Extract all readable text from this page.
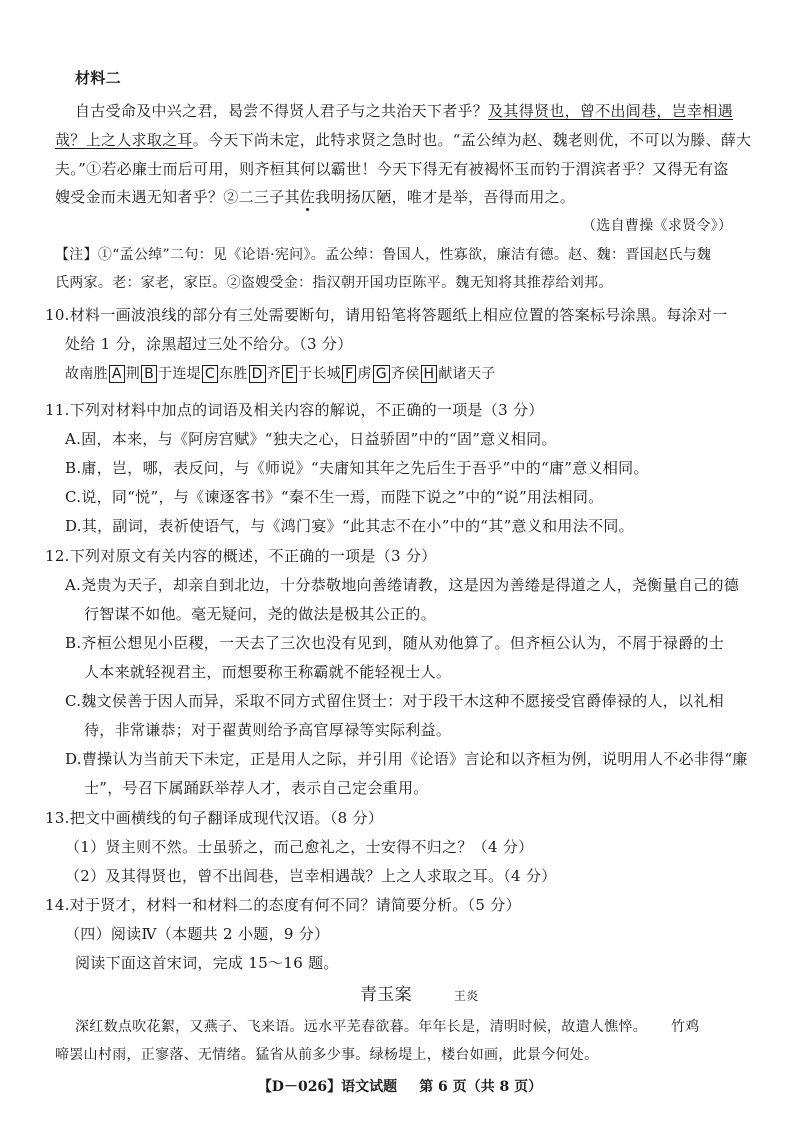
材料二
自古受命及中兴之君，曷尝不得贤人君子与之共治天下者乎？及其得贤也，曾不出闾巷，岂幸相遇
哉？上之人求取之耳。今天下尚未定，此特求贤之急时也。“孟公绰为赵、魏老则优，不可以为滕、薛大
夫。”①若必廉士而后可用，则齐桓其何以霸世！今天下得无有被褐怀玉而钓于渭滨者乎？又得无有盗
嫂受金而未遇无知者乎？②二三子其佐我明扬仄陋，唯才是举，吾得而用之。
（选自曹操《求贤令》）
【注】①“孟公绰”二句：见《论语·宪问》。孟公绰：鲁国人，性寡欲，廉洁有德。赵、魏：晋国赵氏与魏
氏两家。老：家老，家臣。②盗嫂受金：指汉朝开国功臣陈平。魏无知将其推荐给刘邦。
10.材料一画波浪线的部分有三处需要断句，请用铅笔将答题纸上相应位置的答案标号涂黑。每涂对一
处给 1 分，涂黑超过三处不给分。（3 分）
故南胜 A 荆 B 于连堤 C 东胜 D 齐 E 于长城 F 虏 G 齐侯 H 献诸天子
11.下列对材料中加点的词语及相关内容的解说，不正确的一项是（3 分）
A.固，本来，与《阿房宫赋》“独夫之心，日益骄固”中的“固”意义相同。
B.庸，岂，哪，表反问，与《师说》“夫庸知其年之先后生于吾乎”中的“庸”意义相同。
C.说，同“悦”，与《谏逐客书》“秦不生一焉，而陛下说之”中的“说”用法相同。
D.其，副词，表祈使语气，与《鸿门宴》“此其志不在小”中的“其”意义和用法不同。
12.下列对原文有关内容的概述，不正确的一项是（3 分）
A.尧贵为天子，却亲自到北边，十分恭敬地向善绻请教，这是因为善绻是得道之人，尧衡量自己的德
行智谋不如他。毫无疑问，尧的做法是极其公正的。
B.齐桓公想见小臣稷，一天去了三次也没有见到，随从劝他算了。但齐桓公认为，不屑于禄爵的士
人本来就轻视君主，而想要称王称霸就不能轻视士人。
C.魏文侯善于因人而异，采取不同方式留住贤士：对于段干木这种不愿接受官爵俸禄的人，以礼相
待，非常谦恭；对于翟黄则给予高官厚禄等实际利益。
D.曹操认为当前天下未定，正是用人之际，并引用《论语》言论和以齐桓为例，说明用人不必非得“廉
士”，号召下属踊跃举荐人才，表示自己定会重用。
13.把文中画横线的句子翻译成现代汉语。（8 分）
（1）贤主则不然。士虽骄之，而己愈礼之，士安得不归之？（4 分）
（2）及其得贤也，曾不出闾巷，岂幸相遇哉？上之人求取之耳。（4 分）
14.对于贤才，材料一和材料二的态度有何不同？请简要分析。（5 分）
（四）阅读Ⅳ（本题共 2 小题，9 分）
阅读下面这首宋词，完成 15～16 题。
青玉案	王炎
深红数点吹花絮，又燕子、飞来语。远水平芜春欲暮。年年长是，清明时候，故遣人憔悴。 竹鸡
啼罢山村雨，正寥落、无情绪。猛省从前多少事。绿杨堤上，楼台如画，此景今何处。
【D－026】语文试题 第 6 页（共 8 页）
